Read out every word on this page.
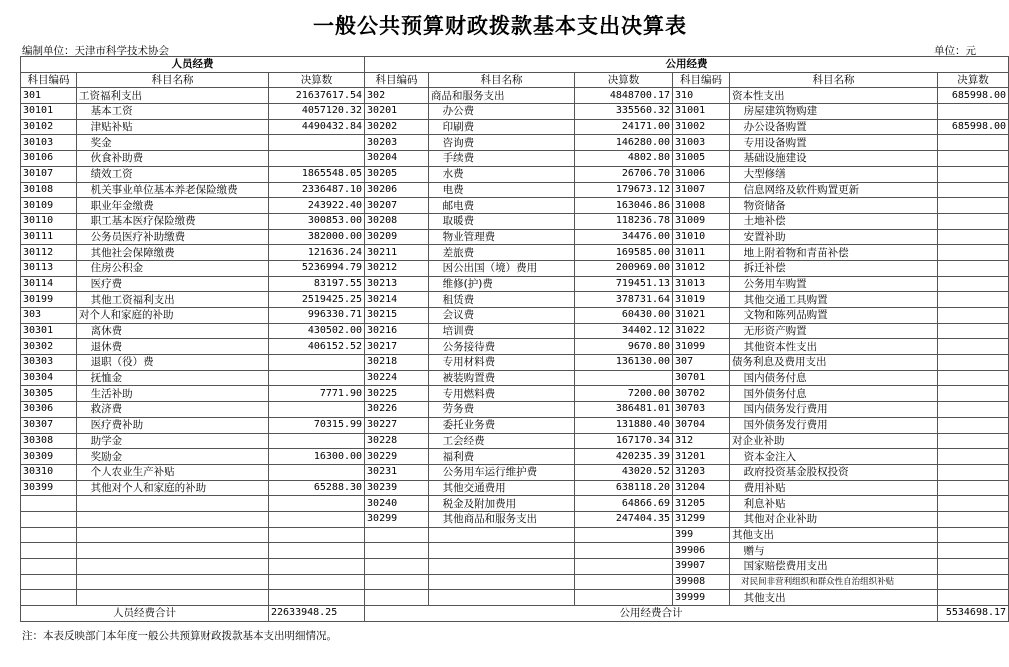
一般公共预算财政拨款基本支出决算表
编制单位：天津市科学技术协会	单位：元
人员经费			公用经费					
科目编码	科目名称	决算数	科目编码	科目名称	决算数	科目编码	科目名称	决算数
301	工资福利支出	21637617.54	302	商品和服务支出	4848700.17	310	资本性支出	685998.00
30101	基本工资	4057120.32	30201	办公费	335560.32	31001	房屋建筑物购建	
30102	津贴补贴	4490432.84	30202	印刷费	24171.00	31002	办公设备购置	685998.00
30103	奖金		30203	咨询费	146280.00	31003	专用设备购置	
30106	伙食补助费		30204	手续费	4802.80	31005	基础设施建设	
30107	绩效工资	1865548.05	30205	水费	26706.70	31006	大型修缮	
30108	机关事业单位基本养老保险缴费	2336487.10	30206	电费	179673.12	31007	信息网络及软件购置更新	
30109	职业年金缴费	243922.40	30207	邮电费	163046.86	31008	物资储备	
30110	职工基本医疗保险缴费	300853.00	30208	取暖费	118236.78	31009	土地补偿	
30111	公务员医疗补助缴费	382000.00	30209	物业管理费	34476.00	31010	安置补助	
30112	其他社会保障缴费	121636.24	30211	差旅费	169585.00	31011	地上附着物和青苗补偿	
30113	住房公积金	5236994.79	30212	因公出国（境）费用	200969.00	31012	拆迁补偿	
30114	医疗费	83197.55	30213	维修(护)费	719451.13	31013	公务用车购置	
30199	其他工资福利支出	2519425.25	30214	租赁费	378731.64	31019	其他交通工具购置	
303	对个人和家庭的补助	996330.71	30215	会议费	60430.00	31021	文物和陈列品购置	
30301	离休费	430502.00	30216	培训费	34402.12	31022	无形资产购置	
30302	退休费	406152.52	30217	公务接待费	9670.80	31099	其他资本性支出	
30303	退职（役）费		30218	专用材料费	136130.00	307	债务利息及费用支出	
30304	抚恤金		30224	被装购置费		30701	国内债务付息	
30305	生活补助	7771.90	30225	专用燃料费	7200.00	30702	国外债务付息	
30306	救济费		30226	劳务费	386481.01	30703	国内债务发行费用	
30307	医疗费补助	70315.99	30227	委托业务费	131880.40	30704	国外债务发行费用	
30308	助学金		30228	工会经费	167170.34	312	对企业补助	
30309	奖励金	16300.00	30229	福利费	420235.39	31201	资本金注入	
30310	个人农业生产补贴		30231	公务用车运行维护费	43020.52	31203	政府投资基金股权投资	
30399	其他对个人和家庭的补助	65288.30	30239	其他交通费用	638118.20	31204	费用补贴	
			30240	税金及附加费用	64866.69	31205	利息补贴	
			30299	其他商品和服务支出	247404.35	31299	其他对企业补助	
						399	其他支出	
						39906	赠与	
						39907	国家赔偿费用支出	
						39908	对民间非营利组织和群众性自治组织补贴	
						39999	其他支出	
人员经费合计		22633948.25	公用经费合计					5534698.17
注：本表反映部门本年度一般公共预算财政拨款基本支出明细情况。
